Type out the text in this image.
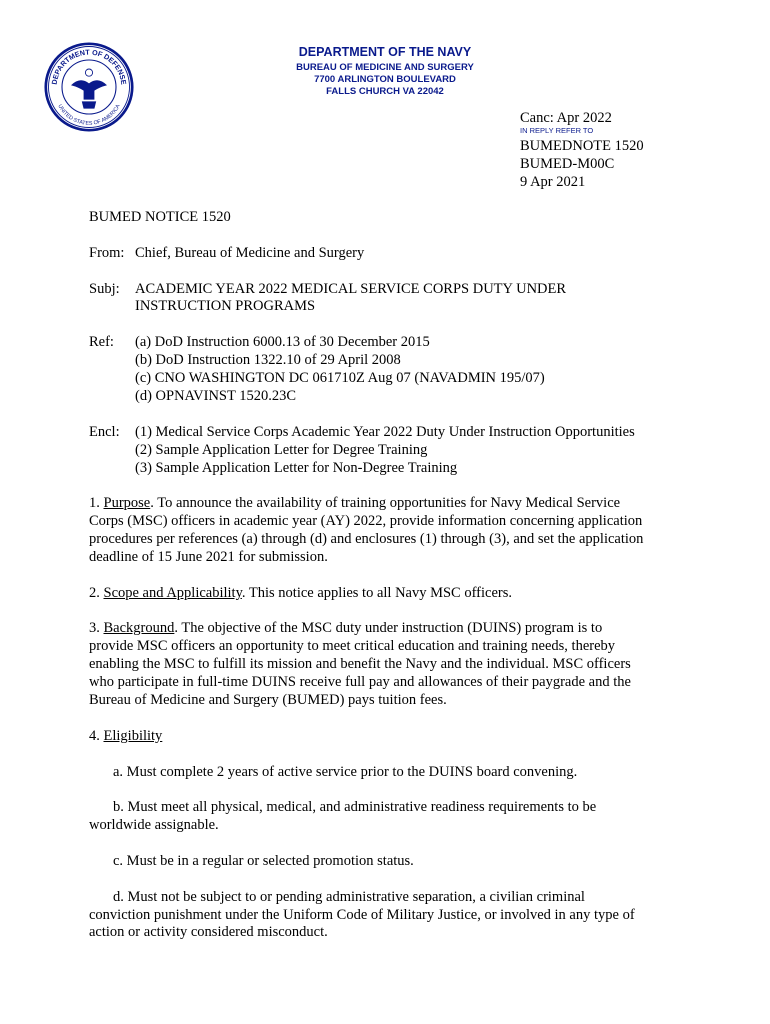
DEPARTMENT OF DEFENSE
UNITED STATES OF AMERICA
DEPARTMENT OF THE NAVY
BUREAU OF MEDICINE AND SURGERY
7700 ARLINGTON BOULEVARD
FALLS CHURCH VA 22042
Canc: Apr 2022
IN REPLY REFER TO
BUMEDNOTE 1520
BUMED-M00C
9 Apr 2021
BUMED NOTICE 1520
From: Chief, Bureau of Medicine and Surgery
Subj: ACADEMIC YEAR 2022 MEDICAL SERVICE CORPS DUTY UNDER
INSTRUCTION PROGRAMS
Ref: (a) DoD Instruction 6000.13 of 30 December 2015
(b) DoD Instruction 1322.10 of 29 April 2008
(c) CNO WASHINGTON DC 061710Z Aug 07 (NAVADMIN 195/07)
(d) OPNAVINST 1520.23C
Encl: (1) Medical Service Corps Academic Year 2022 Duty Under Instruction Opportunities
(2) Sample Application Letter for Degree Training
(3) Sample Application Letter for Non-Degree Training
1. Purpose. To announce the availability of training opportunities for Navy Medical Service
Corps (MSC) officers in academic year (AY) 2022, provide information concerning application
procedures per references (a) through (d) and enclosures (1) through (3), and set the application
deadline of 15 June 2021 for submission.
2. Scope and Applicability. This notice applies to all Navy MSC officers.
3. Background. The objective of the MSC duty under instruction (DUINS) program is to
provide MSC officers an opportunity to meet critical education and training needs, thereby
enabling the MSC to fulfill its mission and benefit the Navy and the individual. MSC officers
who participate in full-time DUINS receive full pay and allowances of their paygrade and the
Bureau of Medicine and Surgery (BUMED) pays tuition fees.
4. Eligibility
a. Must complete 2 years of active service prior to the DUINS board convening.
b. Must meet all physical, medical, and administrative readiness requirements to be
worldwide assignable.
c. Must be in a regular or selected promotion status.
d. Must not be subject to or pending administrative separation, a civilian criminal
conviction punishment under the Uniform Code of Military Justice, or involved in any type of
action or activity considered misconduct.
